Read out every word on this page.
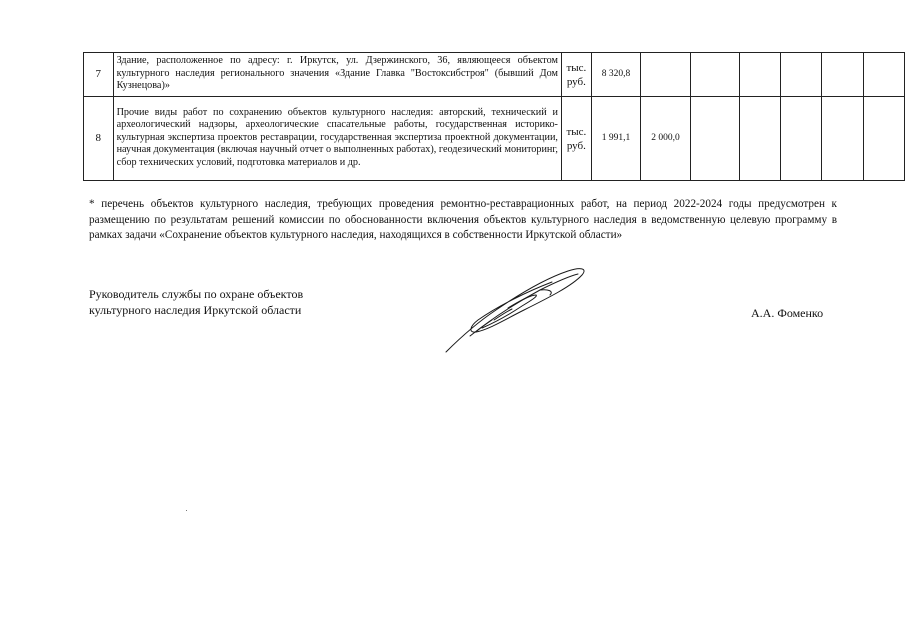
7	Здание, расположенное по адресу: г. Иркутск, ул. Дзержинского, 36, являющееся объектом культурного наследия регионального значения «Здание Главка "Востоксибстроя" (бывший Дом Кузнецова)»	тыс. руб.	8 320,8						
8	Прочие виды работ по сохранению объектов культурного наследия: авторский, технический и археологический надзоры, археологические спасательные работы, государственная историко-культурная экспертиза проектов реставрации, государственная экспертиза проектной документации, научная документация (включая научный отчет о выполненных работах), геодезический мониторинг, сбор технических условий, подготовка материалов и др.	тыс. руб.	1 991,1	2 000,0					
* перечень объектов культурного наследия, требующих проведения ремонтно-реставрационных работ, на период 2022-2024 годы предусмотрен к размещению по результатам решений комиссии по обоснованности включения объектов культурного наследия в ведомственную целевую программу в рамках задачи «Сохранение объектов культурного наследия, находящихся в собственности Иркутской области»
Руководитель службы по охране объектов
культурного наследия Иркутской области	А.А. Фоменко
